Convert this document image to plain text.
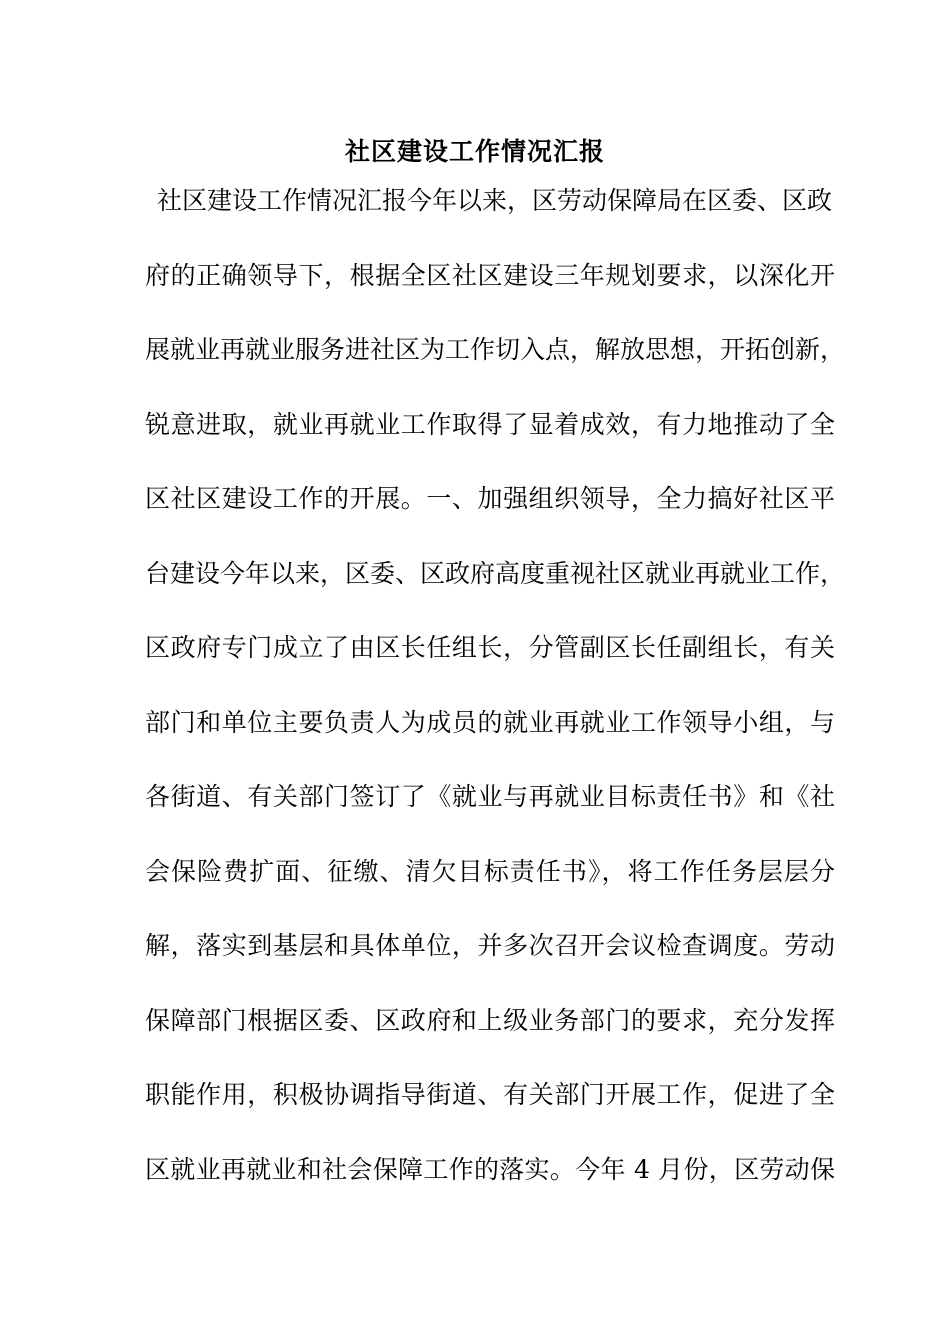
社区建设工作情况汇报
社区建设工作情况汇报今年以来，区劳动保障局在区委、区政
府的正确领导下，根据全区社区建设三年规划要求，以深化开
展就业再就业服务进社区为工作切入点，解放思想，开拓创新，
锐意进取，就业再就业工作取得了显着成效，有力地推动了全
区社区建设工作的开展。一、加强组织领导，全力搞好社区平
台建设今年以来，区委、区政府高度重视社区就业再就业工作，
区政府专门成立了由区长任组长，分管副区长任副组长，有关
部门和单位主要负责人为成员的就业再就业工作领导小组，与
各街道、有关部门签订了《就业与再就业目标责任书》和《社
会保险费扩面、征缴、清欠目标责任书》，将工作任务层层分
解，落实到基层和具体单位，并多次召开会议检查调度。劳动
保障部门根据区委、区政府和上级业务部门的要求，充分发挥
职能作用，积极协调指导街道、有关部门开展工作，促进了全
区就业再就业和社会保障工作的落实。今年 4 月份，区劳动保
